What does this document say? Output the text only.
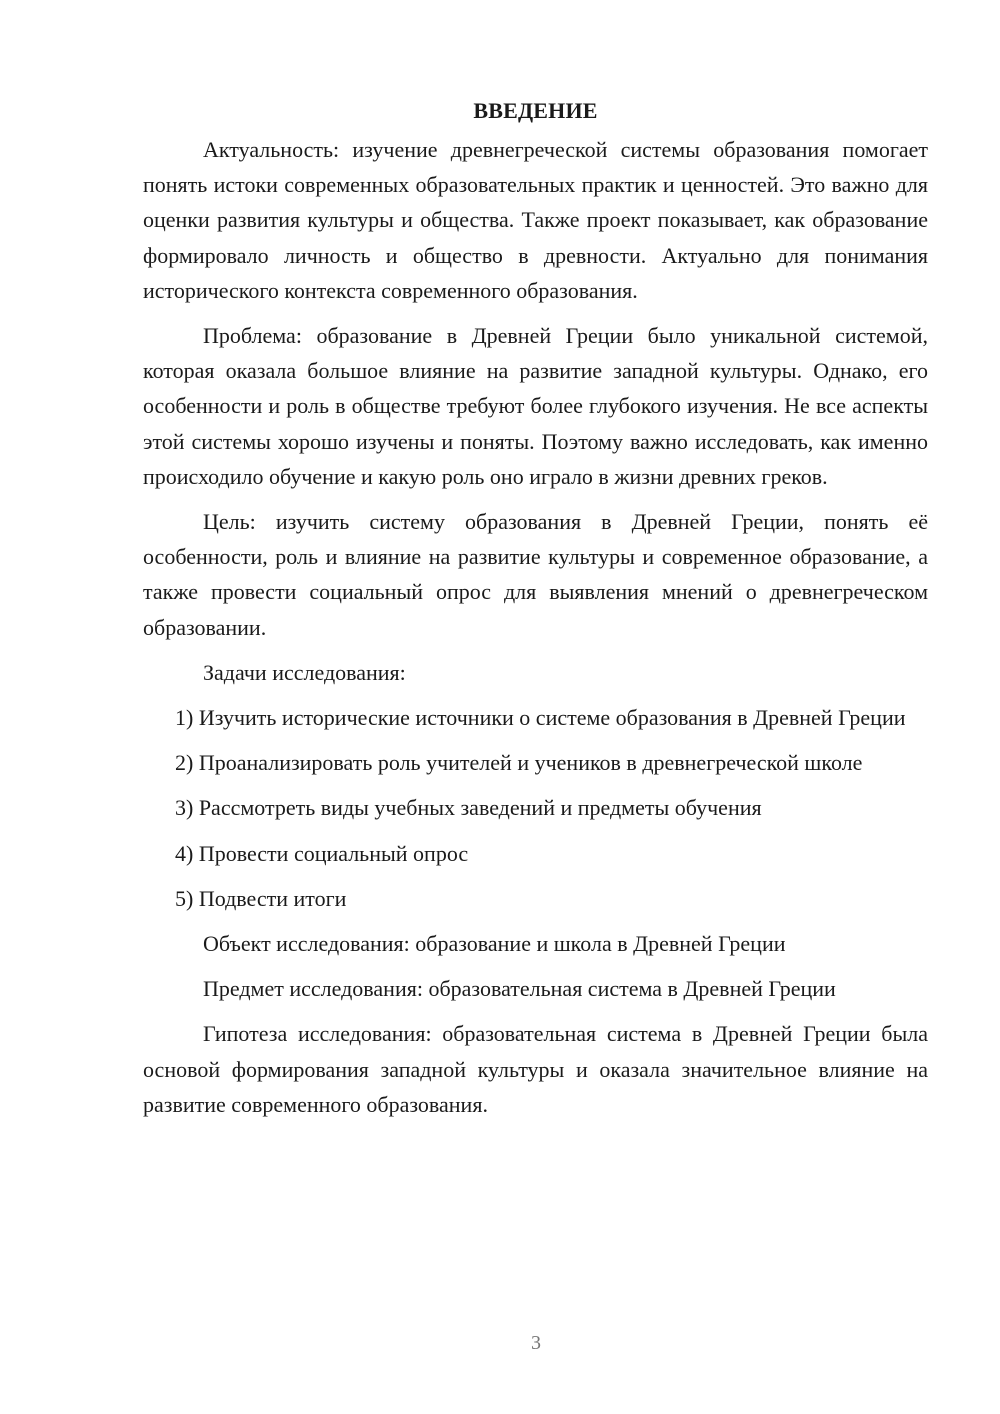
ВВЕДЕНИЕ

Актуальность: изучение древнегреческой системы образования помогает понять истоки современных образовательных практик и ценностей. Это важно для оценки развития культуры и общества. Также проект показывает, как образование формировало личность и общество в древности. Актуально для понимания исторического контекста современного образования.

Проблема: образование в Древней Греции было уникальной системой, которая оказала большое влияние на развитие западной культуры. Однако, его особенности и роль в обществе требуют более глубокого изучения. Не все аспекты этой системы хорошо изучены и поняты. Поэтому важно исследовать, как именно происходило обучение и какую роль оно играло в жизни древних греков.

Цель: изучить систему образования в Древней Греции, понять её особенности, роль и влияние на развитие культуры и современное образование, а также провести социальный опрос для выявления мнений о древнегреческом образовании.

Задачи исследования:

1) Изучить исторические источники о системе образования в Древней Греции

2) Проанализировать роль учителей и учеников в древнегреческой школе

3) Рассмотреть виды учебных заведений и предметы обучения

4) Провести социальный опрос

5) Подвести итоги

Объект исследования: образование и школа в Древней Греции

Предмет исследования: образовательная система в Древней Греции

Гипотеза исследования: образовательная система в Древней Греции была основой формирования западной культуры и оказала значительное влияние на развитие современного образования.

3
